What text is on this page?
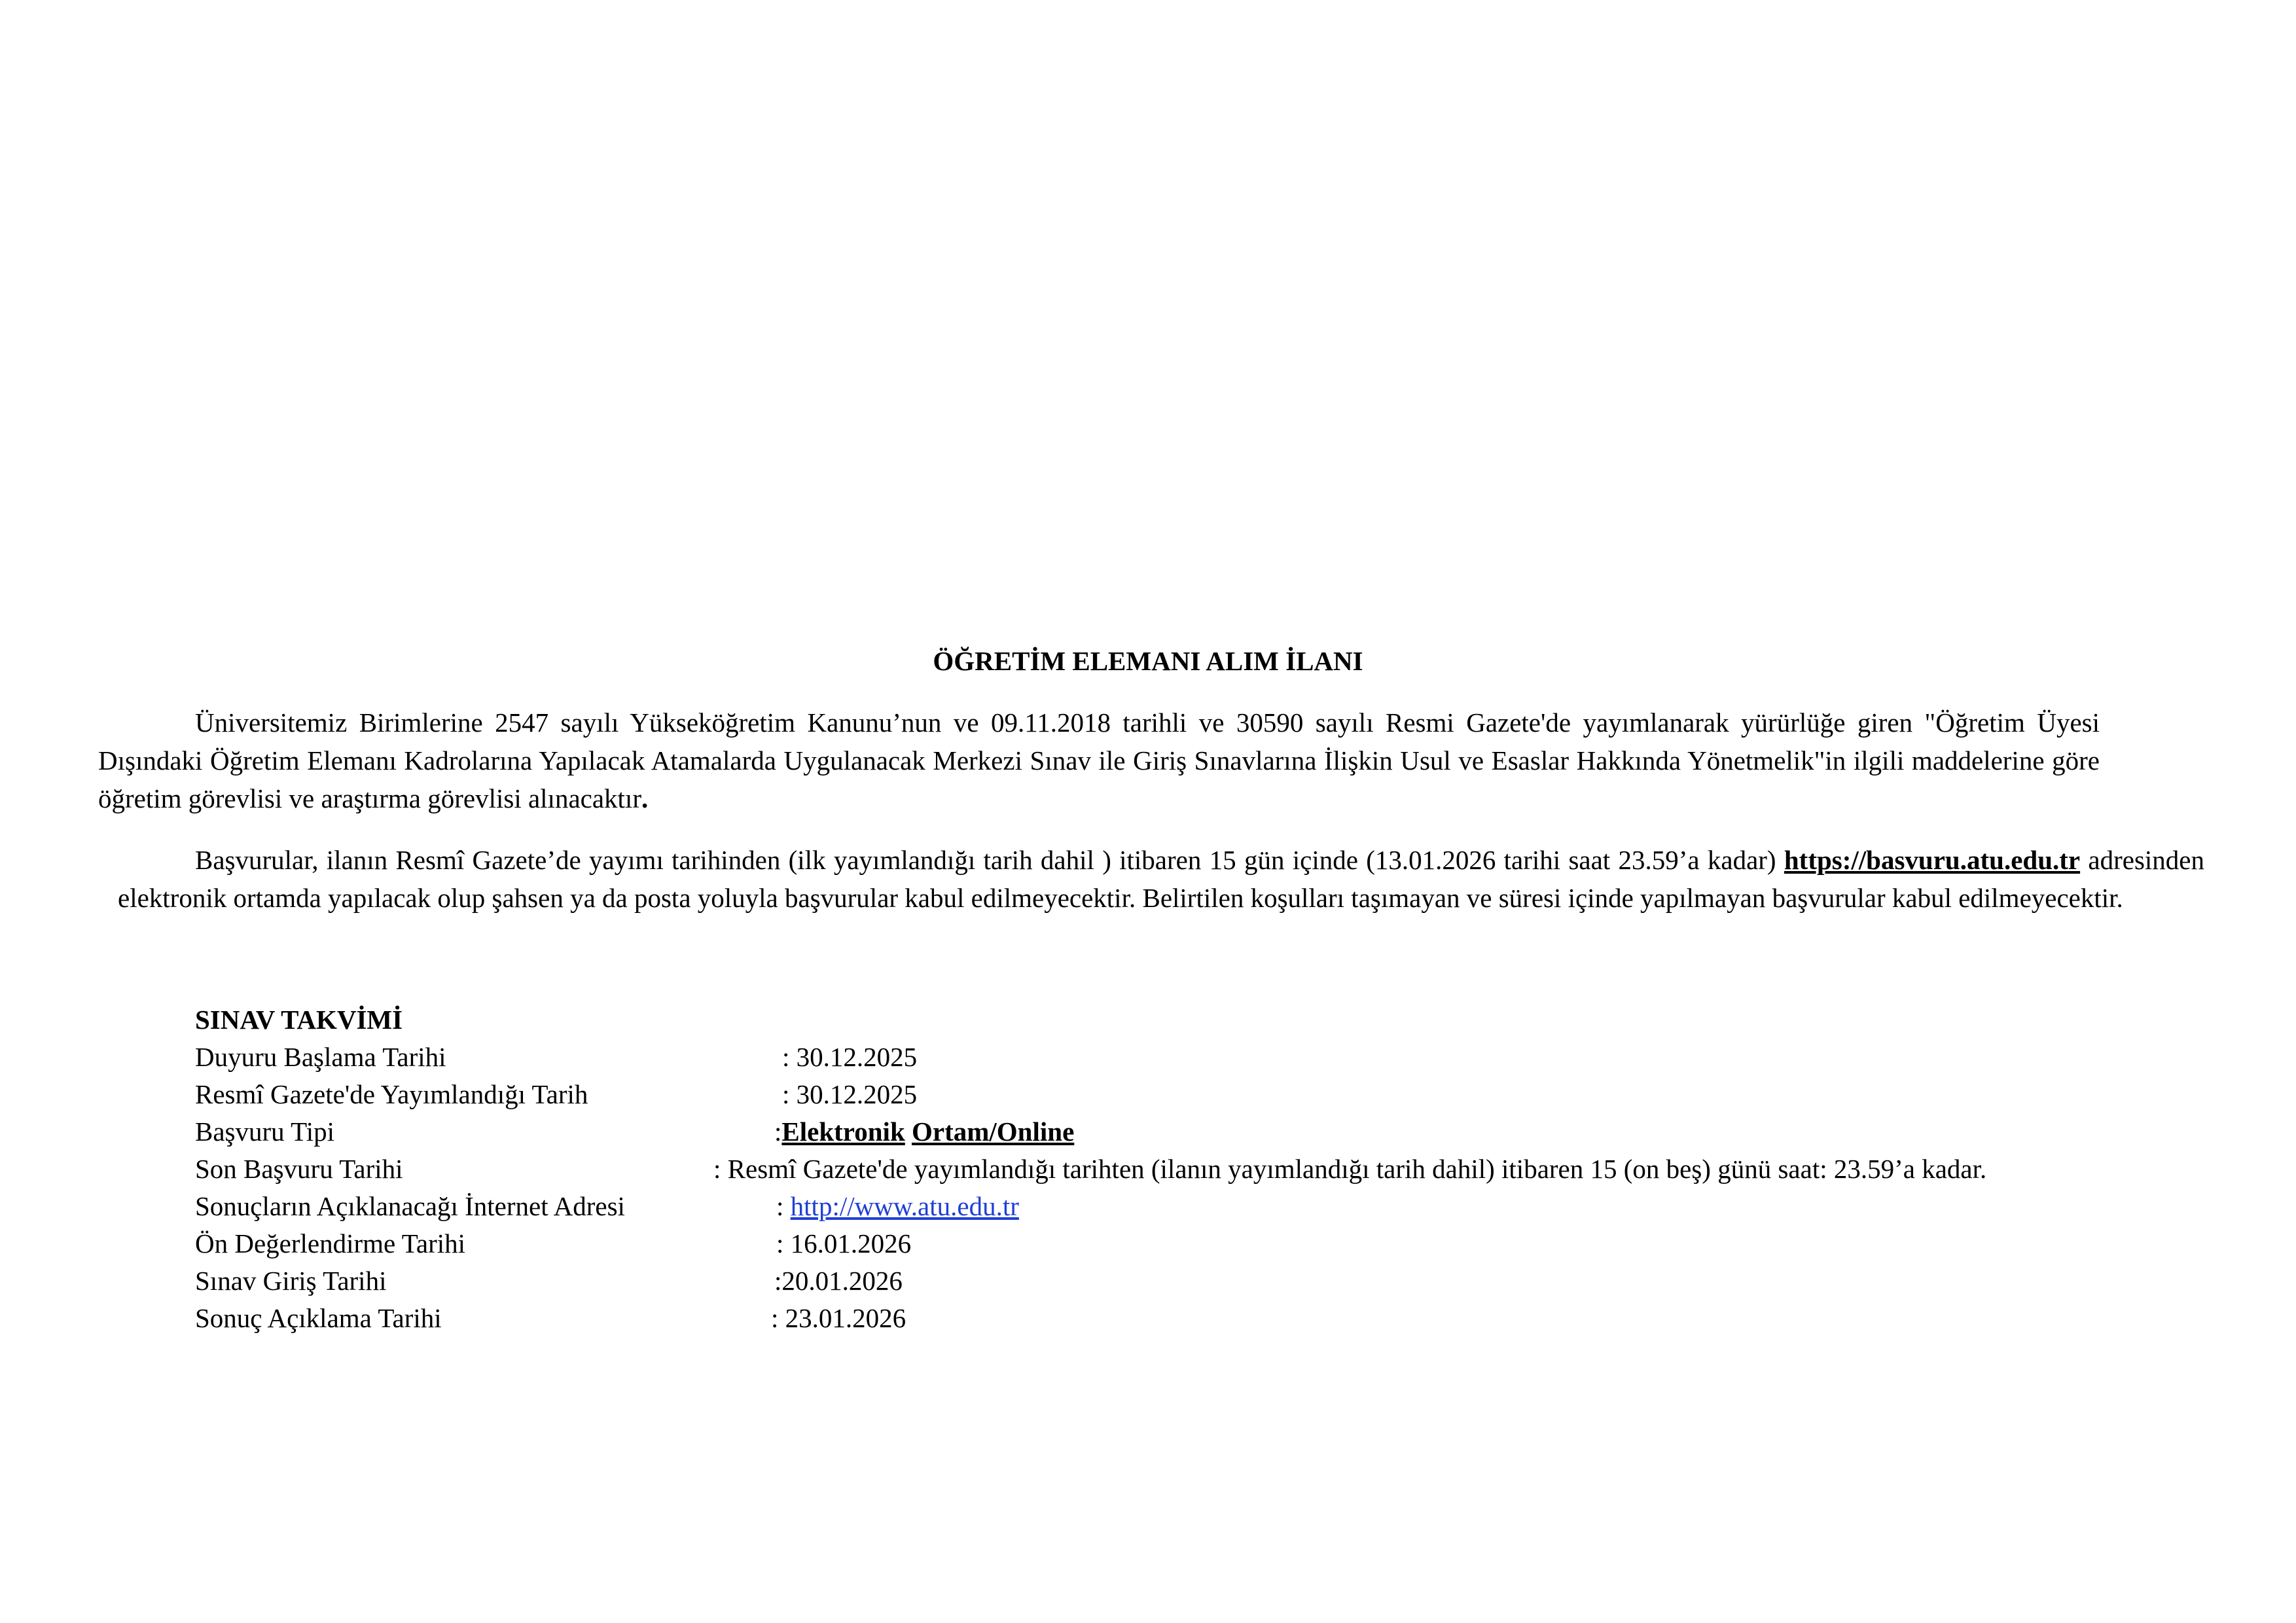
ÖĞRETİM ELEMANI ALIM İLANI

Üniversitemiz Birimlerine 2547 sayılı Yükseköğretim Kanunu’nun ve 09.11.2018 tarihli ve 30590 sayılı Resmi Gazete'de yayımlanarak yürürlüğe giren "Öğretim Üyesi Dışındaki Öğretim Elemanı Kadrolarına Yapılacak Atamalarda Uygulanacak Merkezi Sınav ile Giriş Sınavlarına İlişkin Usul ve Esaslar Hakkında Yönetmelik"in ilgili maddelerine göre öğretim görevlisi ve araştırma görevlisi alınacaktır.

Başvurular, ilanın Resmî Gazete’de yayımı tarihinden (ilk yayımlandığı tarih dahil ) itibaren 15 gün içinde (13.01.2026 tarihi saat 23.59’a kadar) https://basvuru.atu.edu.tr adresinden elektronik ortamda yapılacak olup şahsen ya da posta yoluyla başvurular kabul edilmeyecektir. Belirtilen koşulları taşımayan ve süresi içinde yapılmayan başvurular kabul edilmeyecektir.

SINAV TAKVİMİ
Duyuru Başlama Tarihi	: 30.12.2025
Resmî Gazete'de Yayımlandığı Tarih	: 30.12.2025
Başvuru Tipi	:Elektronik Ortam/Online
Son Başvuru Tarihi	: Resmî Gazete'de yayımlandığı tarihten (ilanın yayımlandığı tarih dahil) itibaren 15 (on beş) günü saat: 23.59’a kadar.
Sonuçların Açıklanacağı İnternet Adresi	: http://www.atu.edu.tr
Ön Değerlendirme Tarihi	: 16.01.2026
Sınav Giriş Tarihi	:20.01.2026
Sonuç Açıklama Tarihi	: 23.01.2026
